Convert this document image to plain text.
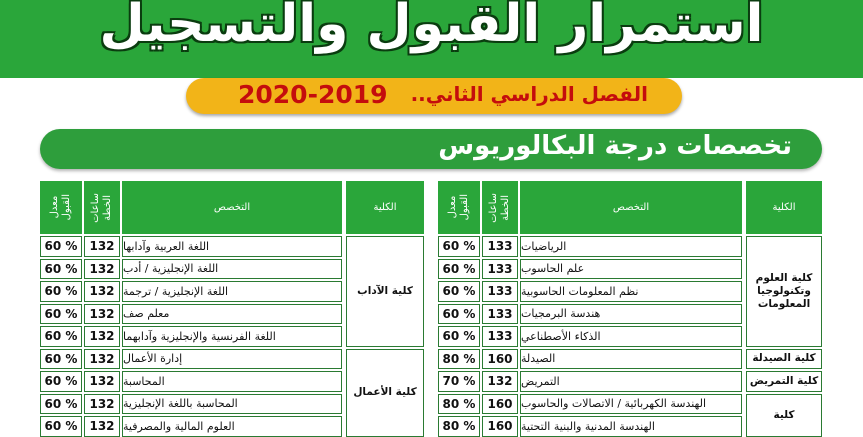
استمرار القبول والتسجيل
الفصل الدراسي الثاني..
2020-2019
تخصصات درجة البكالوريوس
الكلية
التخصص
ساعات
الخطة
معدل
القبول
الرياضيات
133
60 %
علم الحاسوب
133
60 %
نظم المعلومات الحاسوبية
133
60 %
هندسة البرمجيات
133
60 %
الذكاء الأصطناعي
133
60 %
الصيدلة
160
80 %
التمريض
132
70 %
الهندسة الكهربائية / الاتصالات والحاسوب
160
80 %
الهندسة المدنية والبنية التحتية
160
80 %
الكلية
التخصص
ساعات
الخطة
معدل
القبول
اللغة العربية وآدابها
132
60 %
اللغة الإنجليزية / أدب
132
60 %
اللغة الإنجليزية / ترجمة
132
60 %
معلم صف
132
60 %
اللغة الفرنسية والإنجليزية وآدابهما
132
60 %
إدارة الأعمال
132
60 %
المحاسبة
132
60 %
المحاسبة باللغة الإنجليزية
132
60 %
العلوم المالية والمصرفية
132
60 %
كلية العلوم وتكنولوجيا المعلومات
كلية الصيدلة
كلية التمريض
كلية
كلية الآداب
كلية الأعمال
